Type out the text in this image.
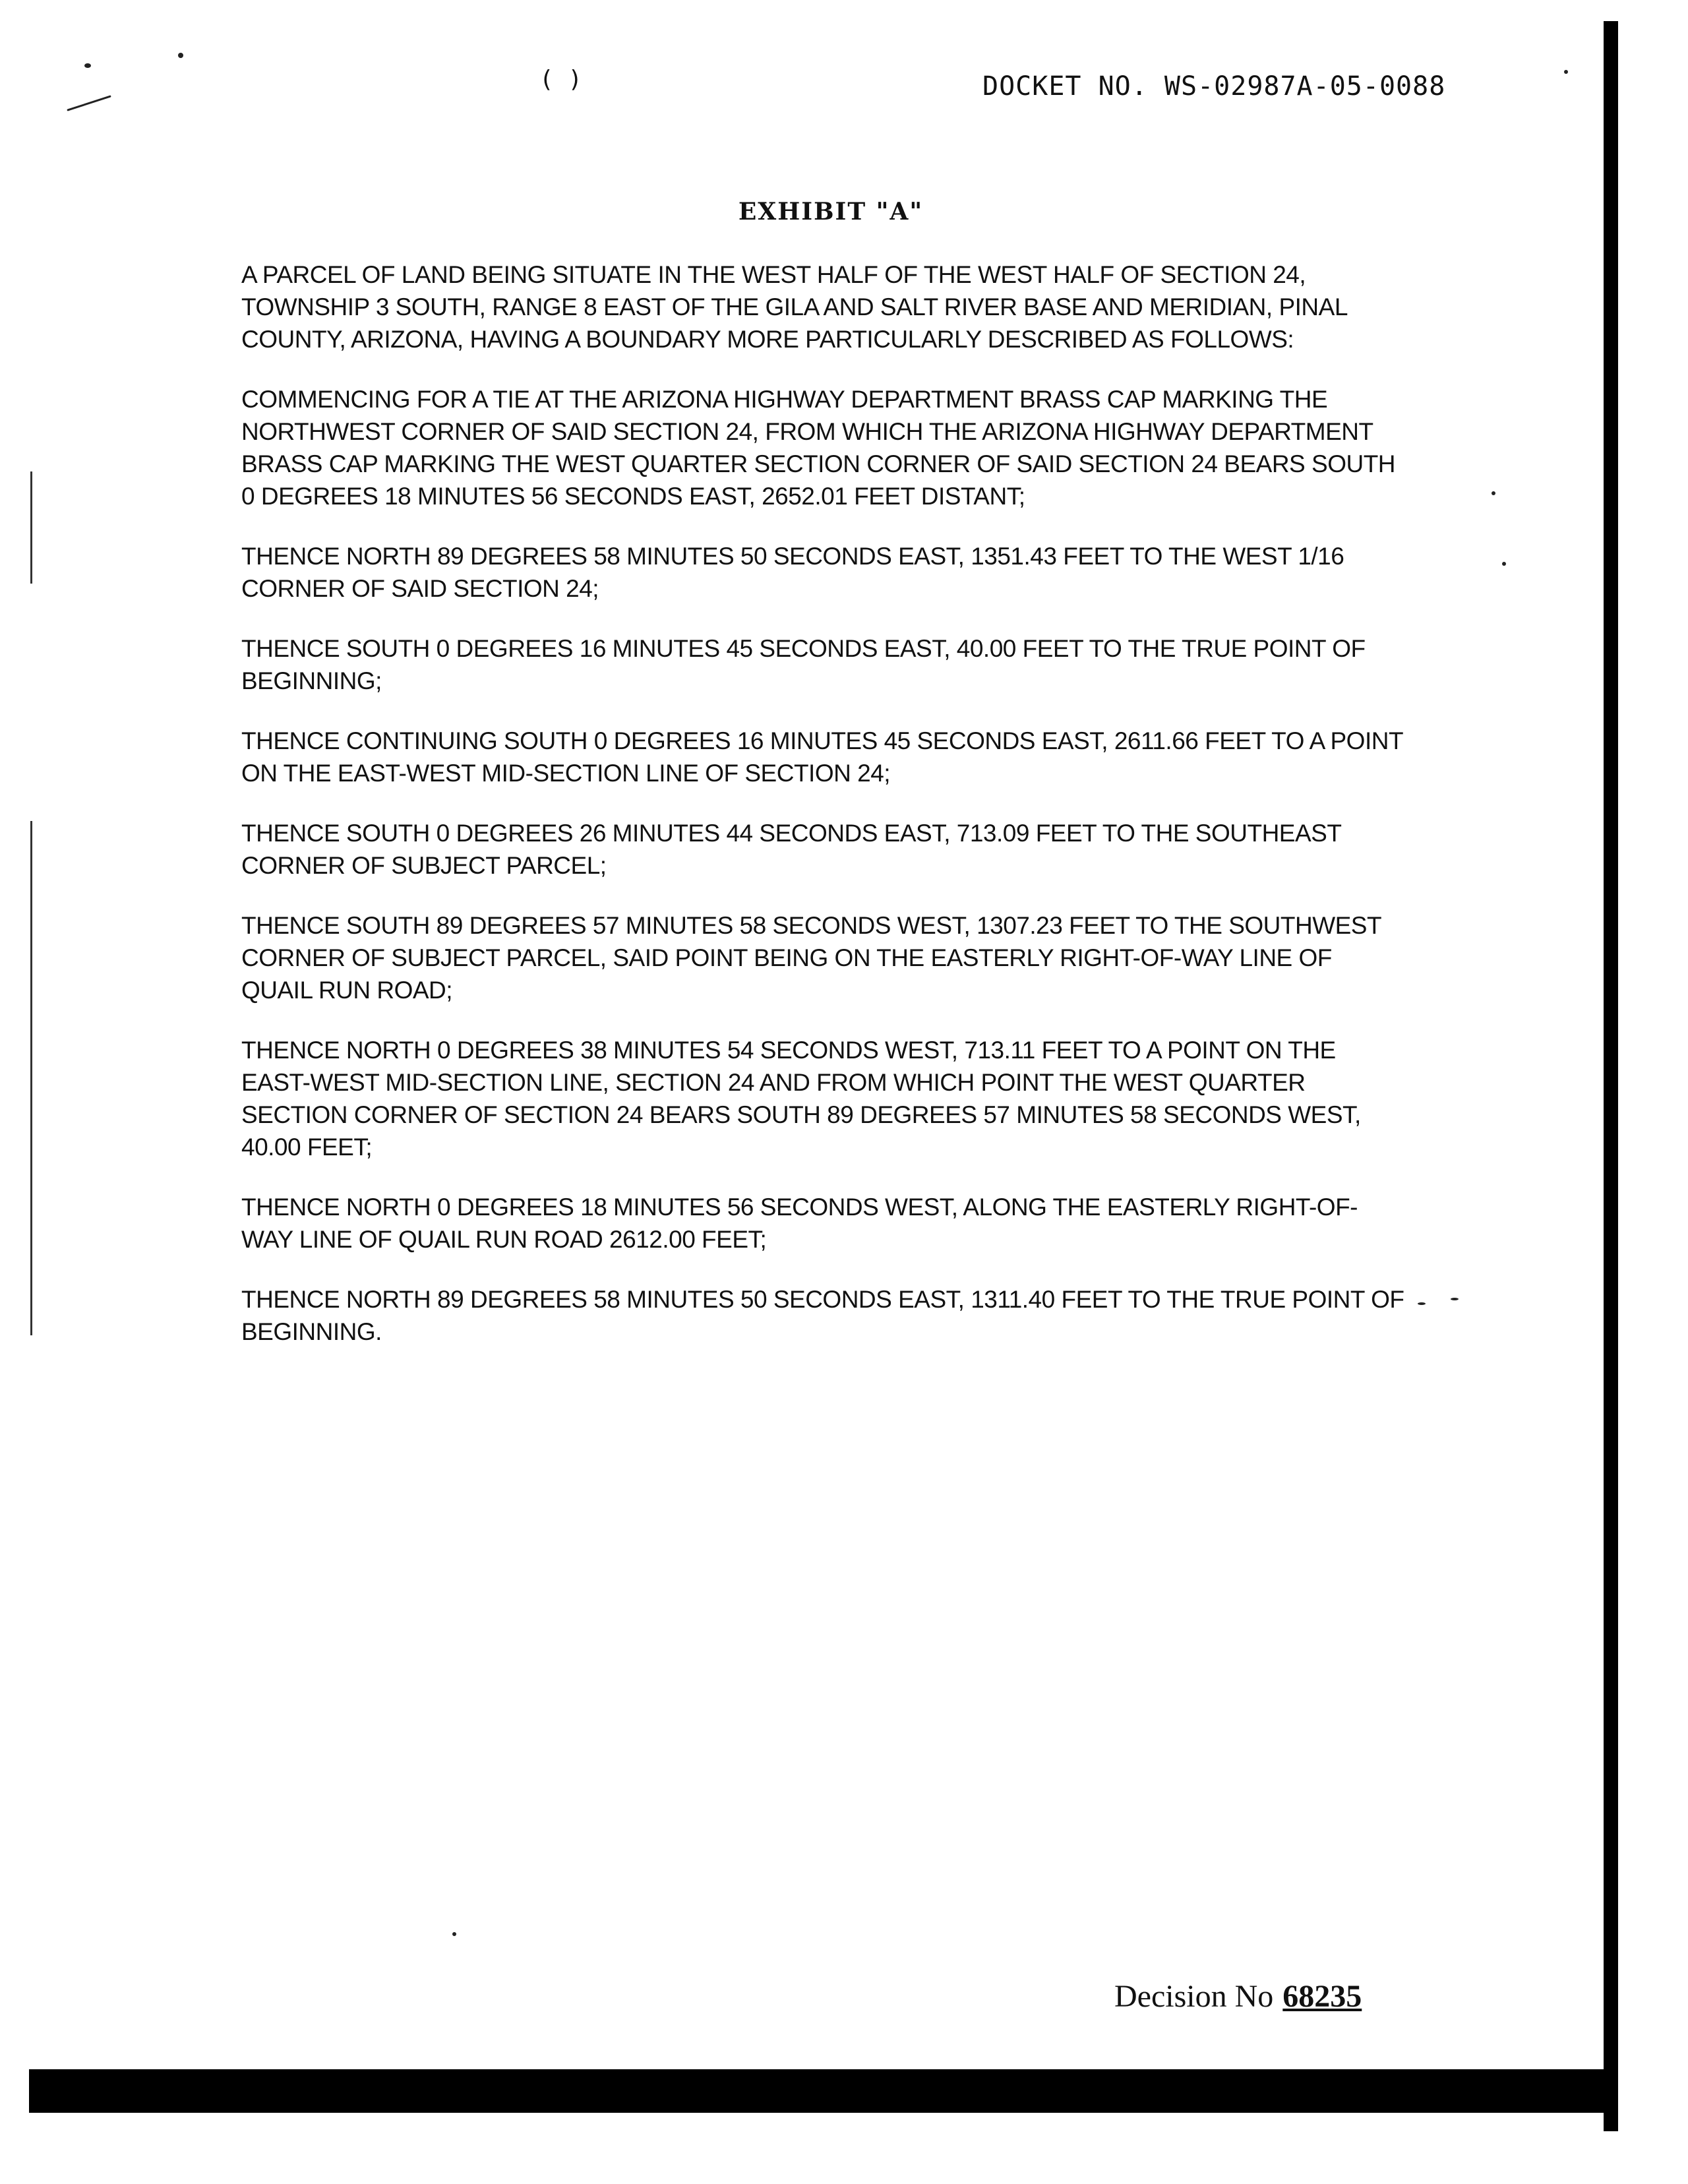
( )	DOCKET NO. WS-02987A-05-0088
EXHIBIT "A"

A PARCEL OF LAND BEING SITUATE IN THE WEST HALF OF THE WEST HALF OF SECTION 24, TOWNSHIP 3 SOUTH, RANGE 8 EAST OF THE GILA AND SALT RIVER BASE AND MERIDIAN, PINAL COUNTY, ARIZONA, HAVING A BOUNDARY MORE PARTICULARLY DESCRIBED AS FOLLOWS:

COMMENCING FOR A TIE AT THE ARIZONA HIGHWAY DEPARTMENT BRASS CAP MARKING THE NORTHWEST CORNER OF SAID SECTION 24, FROM WHICH THE ARIZONA HIGHWAY DEPARTMENT BRASS CAP MARKING THE WEST QUARTER SECTION CORNER OF SAID SECTION 24 BEARS SOUTH 0 DEGREES 18 MINUTES 56 SECONDS EAST, 2652.01 FEET DISTANT;

THENCE NORTH 89 DEGREES 58 MINUTES 50 SECONDS EAST, 1351.43 FEET TO THE WEST 1/16 CORNER OF SAID SECTION 24;

THENCE SOUTH 0 DEGREES 16 MINUTES 45 SECONDS EAST, 40.00 FEET TO THE TRUE POINT OF BEGINNING;

THENCE CONTINUING SOUTH 0 DEGREES 16 MINUTES 45 SECONDS EAST, 2611.66 FEET TO A POINT ON THE EAST-WEST MID-SECTION LINE OF SECTION 24;

THENCE SOUTH 0 DEGREES 26 MINUTES 44 SECONDS EAST, 713.09 FEET TO THE SOUTHEAST CORNER OF SUBJECT PARCEL;

THENCE SOUTH 89 DEGREES 57 MINUTES 58 SECONDS WEST, 1307.23 FEET TO THE SOUTHWEST CORNER OF SUBJECT PARCEL, SAID POINT BEING ON THE EASTERLY RIGHT-OF-WAY LINE OF QUAIL RUN ROAD;

THENCE NORTH 0 DEGREES 38 MINUTES 54 SECONDS WEST, 713.11 FEET TO A POINT ON THE EAST-WEST MID-SECTION LINE, SECTION 24 AND FROM WHICH POINT THE WEST QUARTER SECTION CORNER OF SECTION 24 BEARS SOUTH 89 DEGREES 57 MINUTES 58 SECONDS WEST, 40.00 FEET;

THENCE NORTH 0 DEGREES 18 MINUTES 56 SECONDS WEST, ALONG THE EASTERLY RIGHT-OF-WAY LINE OF QUAIL RUN ROAD 2612.00 FEET;

THENCE NORTH 89 DEGREES 58 MINUTES 50 SECONDS EAST, 1311.40 FEET TO THE TRUE POINT OF BEGINNING.

Decision No 68235
